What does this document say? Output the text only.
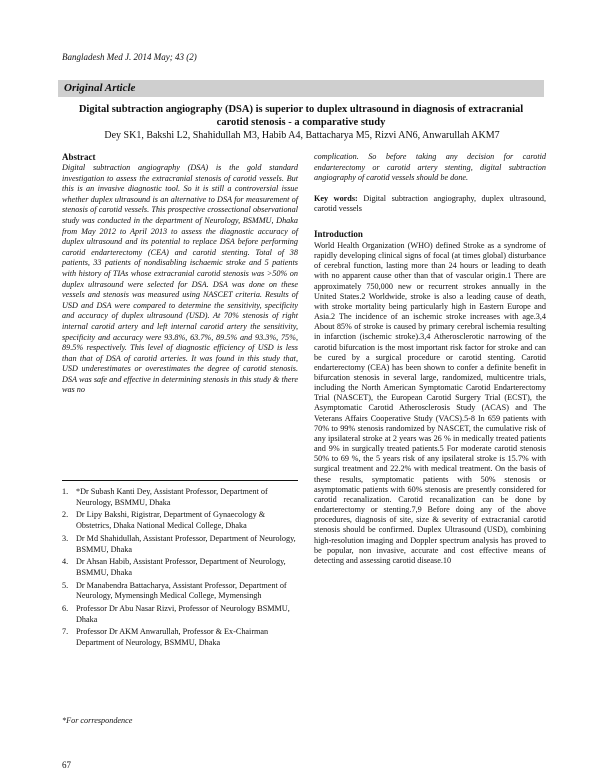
Bangladesh Med J. 2014 May; 43 (2)
Original Article
Digital subtraction angiography (DSA) is superior to duplex ultrasound in diagnosis of extracranial carotid stenosis - a comparative study
Dey SK1, Bakshi L2, Shahidullah M3, Habib A4, Battacharya M5, Rizvi AN6, Anwarullah AKM7
Abstract

Digital subtraction angiography (DSA) is the gold standard investigation to assess the extracranial stenosis of carotid vessels. But this is an invasive diagnostic tool. So it is still a controversial issue whether duplex ultrasound is an alternative to DSA for measurement of stenosis of carotid vessels. This prospective crossectional observational study was conducted in the department of Neurology, BSMMU, Dhaka from May 2012 to April 2013 to assess the diagnostic accuracy of duplex ultrasound and its potential to replace DSA before performing carotid endarterectomy (CEA) and carotid stenting. Total of 38 patients, 33 patients of nondisabling ischaemic stroke and 5 patients with history of TIAs whose extracranial carotid stenosis was >50% on duplex ultrasound were selected for DSA. DSA was done on these vessels and stenosis was measured using NASCET criteria. Results of USD and DSA were compared to determine the sensitivity, specificity and accuracy of duplex ultrasound (USD). At 70% stenosis of right internal carotid artery and left internal carotid artery the sensitivity, specificity and accuracy were 93.8%, 63.7%, 89.5% and 93.3%, 75%, 89.5% respectively. This level of diagnostic efficiency of USD is less than that of DSA of carotid arteries. It was found in this study that, USD underestimates or overestimates the degree of carotid stenosis. DSA was safe and effective in determining stenosis in this study & there was no

1. *Dr Subash Kanti Dey, Assistant Professor, Department of Neurology, BSMMU, Dhaka
2. Dr Lipy Bakshi, Rigistrar, Department of Gynaecology & Obstetrics, Dhaka National Medical College, Dhaka
3. Dr Md Shahidullah, Assistant Professor, Department of Neurology, BSMMU, Dhaka
4. Dr Ahsan Habib, Assistant Professor, Department of Neurology, BSMMU, Dhaka
5. Dr Manabendra Battacharya, Assistant Professor, Department of Neurology, Mymensingh Medical College, Mymensingh
6. Professor Dr Abu Nasar Rizvi, Professor of Neurology BSMMU, Dhaka
7. Professor Dr AKM Anwarullah, Professor & Ex-Chairman Department of Neurology, BSMMU, Dhaka
*For correspondence

complication. So before taking any decision for carotid endarterectomy or carotid artery stenting, digital subtraction angiography of carotid vessels should be done.

Key words: Digital subtraction angiography, duplex ultrasound, carotid vessels

Introduction

World Health Organization (WHO) defined Stroke as a syndrome of rapidly developing clinical signs of focal (at times global) disturbance of cerebral function, lasting more than 24 hours or leading to death with no apparent cause other than that of vascular origin.1 There are approximately 750,000 new or recurrent strokes annually in the United States.2 Worldwide, stroke is also a leading cause of death, with stroke mortality being particularly high in Eastern Europe and Asia.2 The incidence of an ischemic stroke increases with age.3,4 About 85% of stroke is caused by primary cerebral ischemia resulting in infarction (ischemic stroke).3,4 Atherosclerotic narrowing of the carotid bifurcation is the most important risk factor for stroke and can be cured by a surgical procedure or carotid stenting. Carotid endarterectomy (CEA) has been shown to confer a definite benefit in bifurcation stenosis in several large, randomized, multicentre trials, including the North American Symptomatic Carotid Endarterectomy Trial (NASCET), the European Carotid Surgery Trial (ECST), the Asymptomatic Carotid Atherosclerosis Study (ACAS) and The Veterans Affairs Cooperative Study (VACS).5-8 In 659 patients with 70% to 99% stenosis randomized by NASCET, the cumulative risk of any ipsilateral stroke at 2 years was 26 % in medically treated patients and 9% in surgically treated patients.5 For moderate carotid stenosis 50% to 69 %, the 5 years risk of any ipsilateral stroke is 15.7% with surgical treatment and 22.2% with medical treatment. On the basis of these results, symptomatic patients with 50% stenosis or asymptomatic patients with 60% stenosis are presently considered for carotid recanalization. Carotid recanalization can be done by endarterectomy or stenting.7,9 Before doing any of the above procedures, diagnosis of site, size & severity of extracranial carotid stenosis should be confirmed. Duplex Ultrasound (USD), combining high-resolution imaging and Doppler spectrum analysis has proved to be popular, non invasive, accurate and cost effective means of detecting and assessing carotid disease.10

67
